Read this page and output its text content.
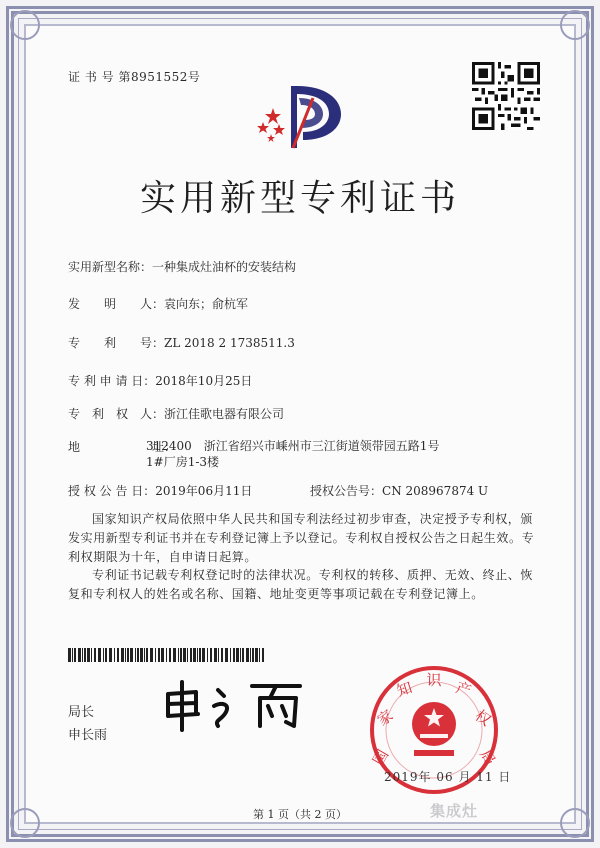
证 书 号 第8951552号
实用新型专利证书
实用新型名称：一种集成灶油杯的安装结构
发　　明　　人：袁向东；俞杭军
专　　利　　号：ZL 2018 2 1738511.3
专 利 申 请 日：2018年10月25日
专　利　权　人：浙江佳歌电器有限公司
地　　　　　　址：
312400　浙江省绍兴市嵊州市三江街道领带园五路1号1#厂房1-3楼
授 权 公 告 日：2019年06月11日	授权公告号：CN 208967874 U
国家知识产权局依照中华人民共和国专利法经过初步审查，决定授予专利权，颁发实用新型专利证书并在专利登记簿上予以登记。专利权自授权公告之日起生效。专利权期限为十年，自申请日起算。
专利证书记载专利权登记时的法律状况。专利权的转移、质押、无效、终止、恢复和专利权人的姓名或名称、国籍、地址变更等事项记载在专利登记簿上。
局长
申长雨
国
家
知 识 产
权
局
2019年 06 月 11 日
第 1 页（共 2 页）	集成灶
